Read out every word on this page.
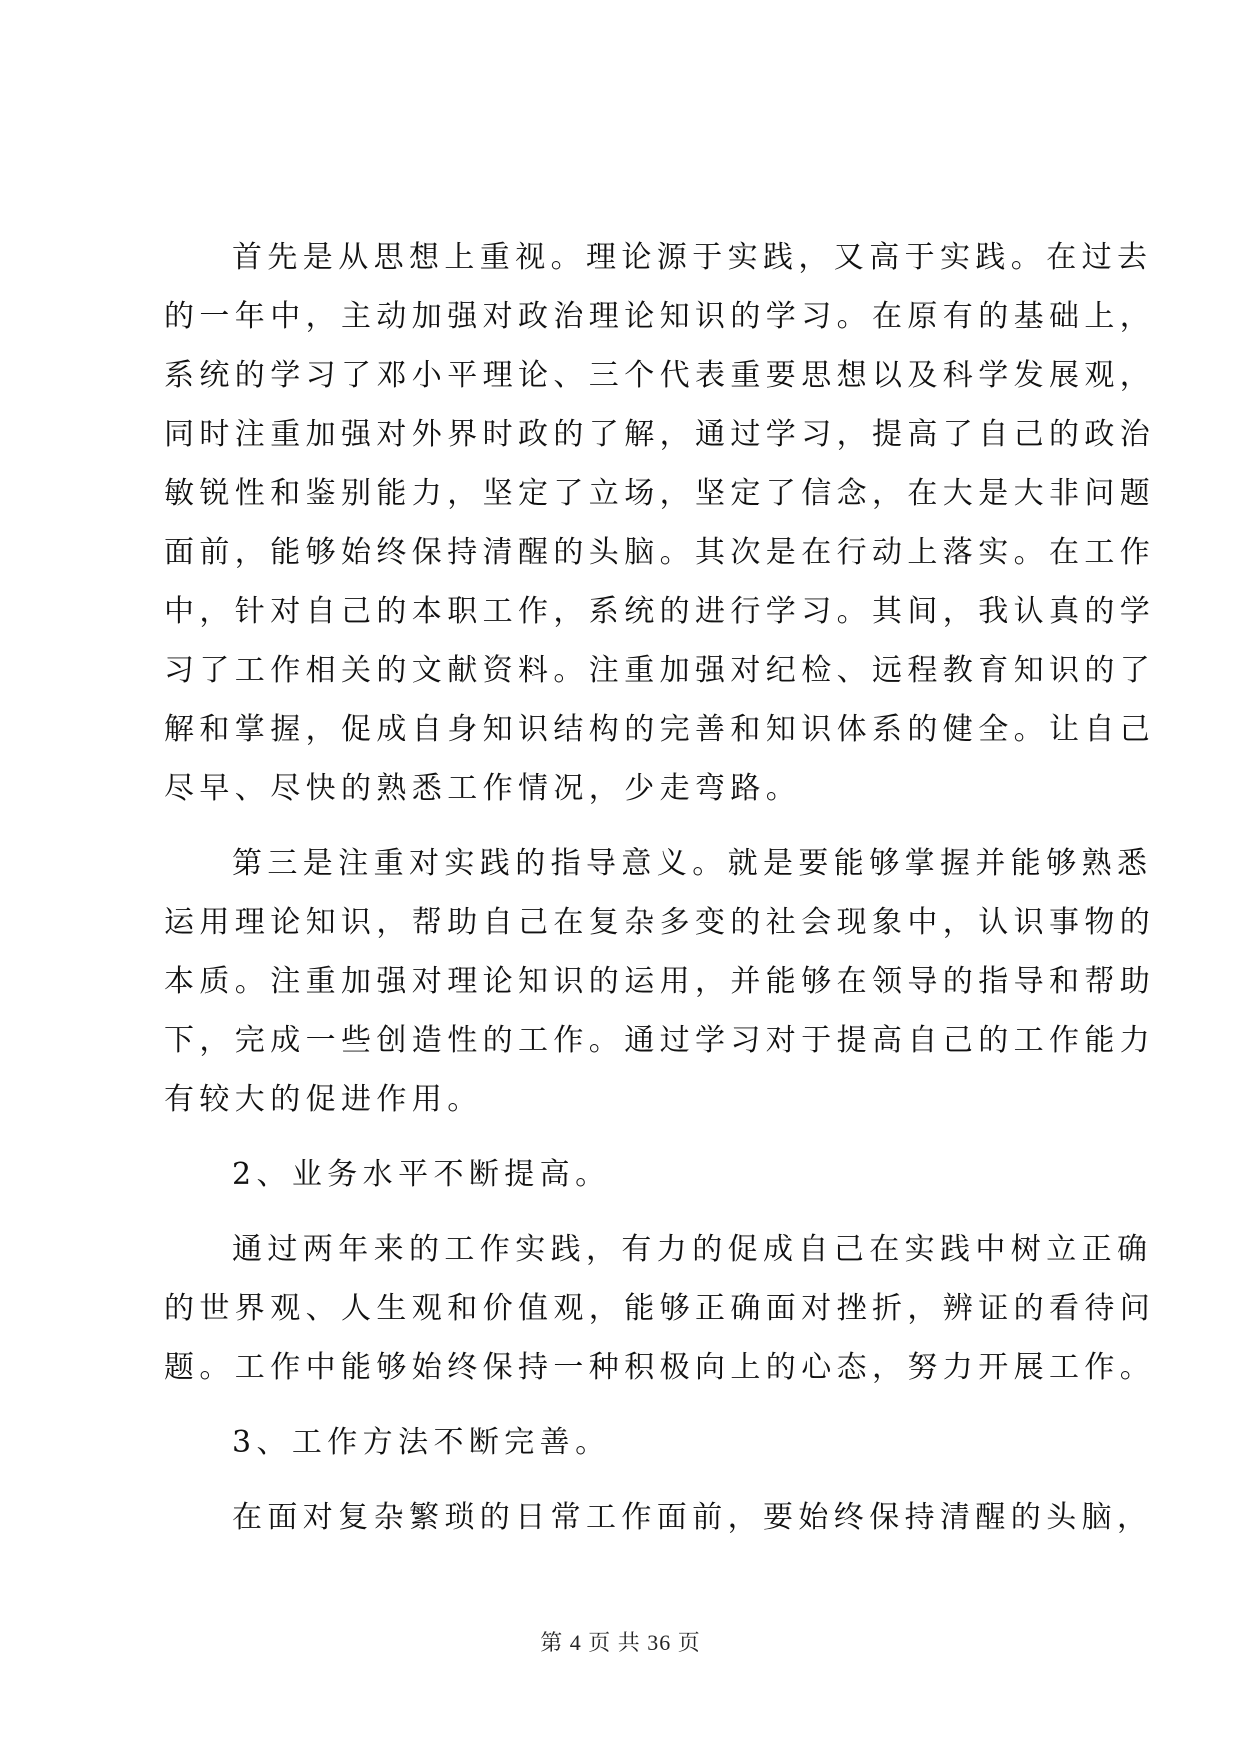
首先是从思想上重视。理论源于实践，又高于实践。在过去
的一年中，主动加强对政治理论知识的学习。在原有的基础上，
系统的学习了邓小平理论、三个代表重要思想以及科学发展观，
同时注重加强对外界时政的了解，通过学习，提高了自己的政治
敏锐性和鉴别能力，坚定了立场，坚定了信念，在大是大非问题
面前，能够始终保持清醒的头脑。其次是在行动上落实。在工作
中，针对自己的本职工作，系统的进行学习。其间，我认真的学
习了工作相关的文献资料。注重加强对纪检、远程教育知识的了
解和掌握，促成自身知识结构的完善和知识体系的健全。让自己
尽早、尽快的熟悉工作情况，少走弯路。
第三是注重对实践的指导意义。就是要能够掌握并能够熟悉
运用理论知识，帮助自己在复杂多变的社会现象中，认识事物的
本质。注重加强对理论知识的运用，并能够在领导的指导和帮助
下，完成一些创造性的工作。通过学习对于提高自己的工作能力
有较大的促进作用。
2、业务水平不断提高。
通过两年来的工作实践，有力的促成自己在实践中树立正确
的世界观、人生观和价值观，能够正确面对挫折，辨证的看待问
题。工作中能够始终保持一种积极向上的心态，努力开展工作。
3、工作方法不断完善。
在面对复杂繁琐的日常工作面前，要始终保持清醒的头脑，
第 4 页 共 36 页
